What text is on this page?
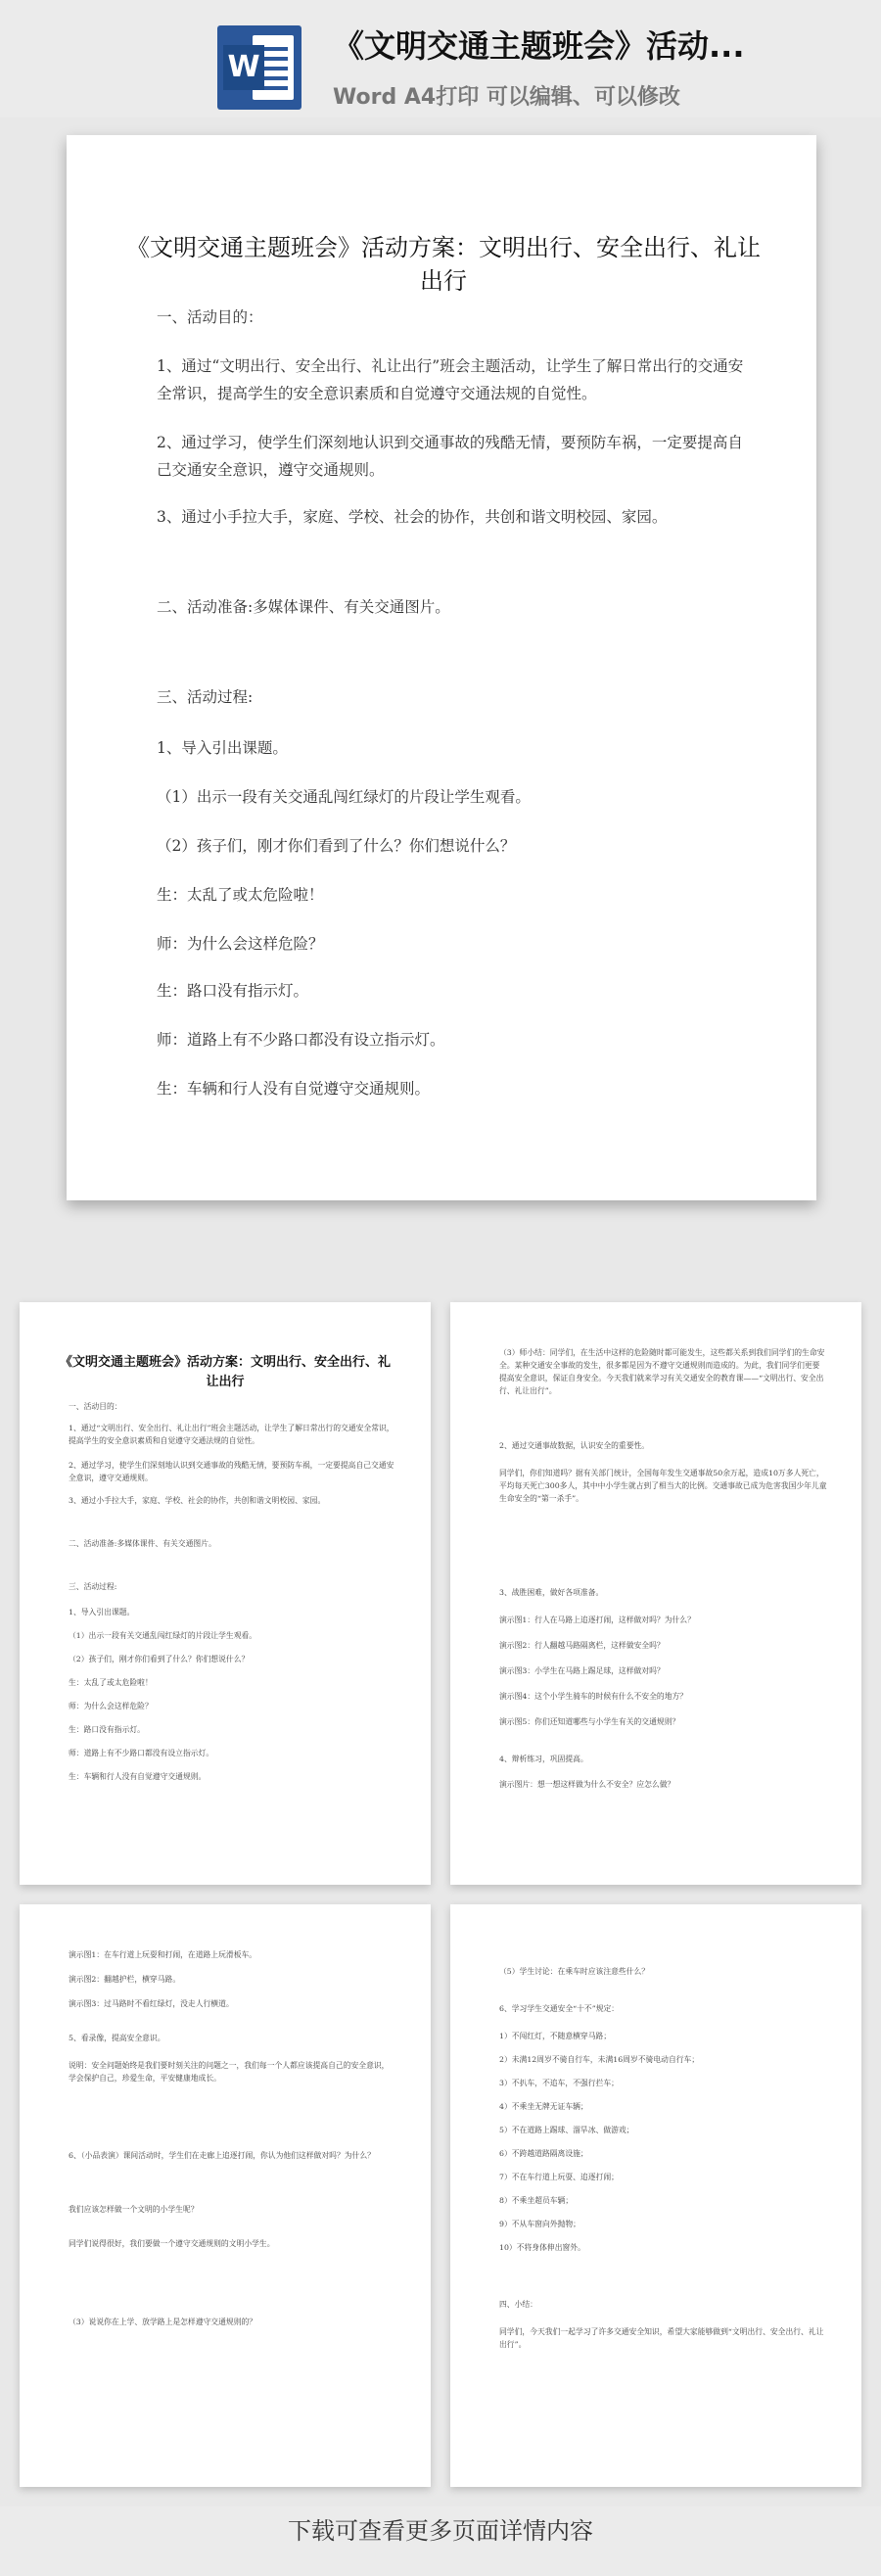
W
《文明交通主题班会》活动...
Word A4打印 可以编辑、可以修改
《文明交通主题班会》活动方案：文明出行、安全出行、礼让出行

一、活动目的：

1、通过“文明出行、安全出行、礼让出行”班会主题活动，让学生了解日常出行的交通安全常识，提高学生的安全意识素质和自觉遵守交通法规的自觉性。

2、通过学习，使学生们深刻地认识到交通事故的残酷无情，要预防车祸，一定要提高自己交通安全意识，遵守交通规则。

3、通过小手拉大手，家庭、学校、社会的协作，共创和谐文明校园、家园。

二、活动准备:多媒体课件、有关交通图片。

三、活动过程:

1、导入引出课题。

（1）出示一段有关交通乱闯红绿灯的片段让学生观看。

（2）孩子们，刚才你们看到了什么？你们想说什么？

生：太乱了或太危险啦！

师：为什么会这样危险？

生：路口没有指示灯。

师：道路上有不少路口都没有设立指示灯。

生：车辆和行人没有自觉遵守交通规则。

《文明交通主题班会》活动方案：文明出行、安全出行、礼让出行
一、活动目的：
1、通过“文明出行、安全出行、礼让出行”班会主题活动，让学生了解日常出行的交通安全常识，提高学生的安全意识素质和自觉遵守交通法规的自觉性。
2、通过学习，使学生们深刻地认识到交通事故的残酷无情，要预防车祸，一定要提高自己交通安全意识，遵守交通规则。
3、通过小手拉大手，家庭、学校、社会的协作，共创和谐文明校园、家园。
二、活动准备:多媒体课件、有关交通图片。
三、活动过程:
1、导入引出课题。
（1）出示一段有关交通乱闯红绿灯的片段让学生观看。
（2）孩子们，刚才你们看到了什么？你们想说什么？
生：太乱了或太危险啦！
师：为什么会这样危险？
生：路口没有指示灯。
师：道路上有不少路口都没有设立指示灯。
生：车辆和行人没有自觉遵守交通规则。
（3）师小结：同学们，在生活中这样的危险随时都可能发生，这些都关系到我们同学们的生命安全。某种交通安全事故的发生，很多都是因为不遵守交通规则而造成的。为此，我们同学们更要提高安全意识，保证自身安全。今天我们就来学习有关交通安全的教育课——“文明出行、安全出行、礼让出行”。
2、通过交通事故数据，认识安全的重要性。
同学们，你们知道吗？据有关部门统计，全国每年发生交通事故50余万起，造成10万多人死亡，平均每天死亡300多人，其中中小学生就占到了相当大的比例。交通事故已成为危害我国少年儿童生命安全的“第一杀手”。
3、战胜困难，做好各项准备。
演示图1：行人在马路上追逐打闹，这样做对吗？为什么？
演示图2：行人翻越马路隔离栏，这样做安全吗？
演示图3：小学生在马路上踢足球，这样做对吗？
演示图4：这个小学生骑车的时候有什么不安全的地方？
演示图5：你们还知道哪些与小学生有关的交通规则？
4、辩析练习，巩固提高。
演示图片：想一想这样做为什么不安全？应怎么做？
演示图1：在车行道上玩耍和打闹，在道路上玩滑板车。
演示图2：翻越护栏，横穿马路。
演示图3：过马路时不看红绿灯，没走人行横道。
5、看录像，提高安全意识。
说明：安全问题始终是我们要时刻关注的问题之一，我们每一个人都应该提高自己的安全意识，学会保护自己，珍爱生命，平安健康地成长。
6、（小品表演）课间活动时，学生们在走廊上追逐打闹，你认为他们这样做对吗？为什么？
我们应该怎样做一个文明的小学生呢？
同学们说得很好，我们要做一个遵守交通规则的文明小学生。
（3）说说你在上学、放学路上是怎样遵守交通规则的？
（5）学生讨论：在乘车时应该注意些什么？
6、学习学生交通安全“十不”规定：
1）不闯红灯，不随意横穿马路；
2）未满12周岁不骑自行车，未满16周岁不骑电动自行车；
3）不扒车，不追车，不强行拦车；
4）不乘坐无牌无证车辆；
5）不在道路上踢球、溜旱冰、做游戏；
6）不跨越道路隔离设施；
7）不在车行道上玩耍、追逐打闹；
8）不乘坐超员车辆；
9）不从车窗向外抛物；
10）不将身体伸出窗外。
四、小结：
同学们，今天我们一起学习了许多交通安全知识，希望大家能够做到“文明出行、安全出行、礼让出行”。
下载可查看更多页面详情内容
